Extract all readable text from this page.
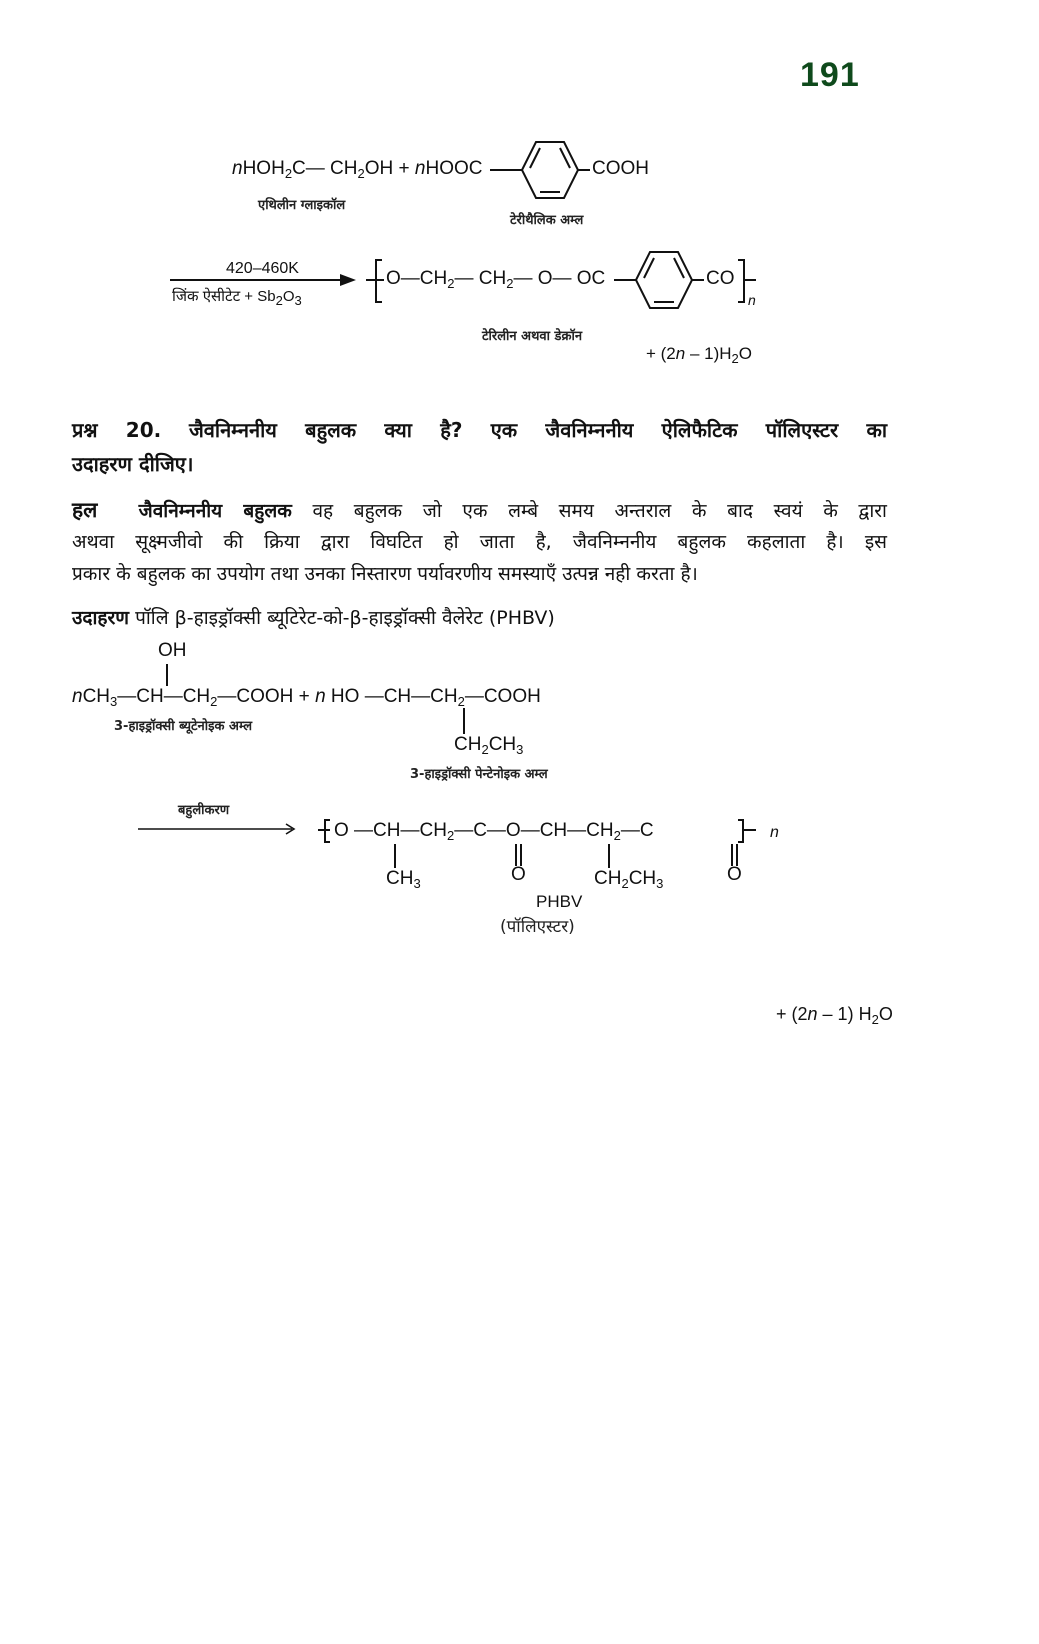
191
nHOH$_2$C— $CH_2OH$ + nHOOC
एथिलीन ग्लाइकॉल
COOH
टेरीथैलिक अम्ल
420–460K
जिंक ऐसीटेट + $Sb_2O_3$
$O—CH_2—$ $CH_2—$ O— OC	CO
n
टेरिलीन अथवा डेक्रॉन
+ $(2n - 1)H_2O$
प्रश्न 20. जैवनिम्ननीय बहुलक क्या है? एक जैवनिम्ननीय ऐलिफैटिक पॉलिएस्टर का
उदाहरण दीजिए।
हल जैवनिम्ननीय बहुलक वह बहुलक जो एक लम्बे समय अन्तराल के बाद स्वयं के द्वारा
अथवा सूक्ष्मजीवो की क्रिया द्वारा विघटित हो जाता है, जैवनिम्ननीय बहुलक कहलाता है। इस
प्रकार के बहुलक का उपयोग तथा उनका निस्तारण पर्यावरणीय समस्याएँ उत्पन्न नही करता है।
उदाहरण पॉलि β-हाइड्रॉक्सी ब्यूटिरेट-को-β-हाइड्रॉक्सी वैलेरेट (PHBV)
OH
$nCH_3—CH—CH_2—COOH + n$ HO $—CH—CH_2—COOH$
3-हाइड्रॉक्सी ब्यूटेनोइक अम्ल
$CH_2CH_3$
3-हाइड्रॉक्सी पेन्टेनोइक अम्ल
बहुलीकरण
O $—CH—CH_2—C—O—CH—CH_2—C$	n
$CH_3$	O	$CH_2CH_3$	O
PHBV
(पॉलिएस्टर)
+ (2n – 1) $H_2O$
